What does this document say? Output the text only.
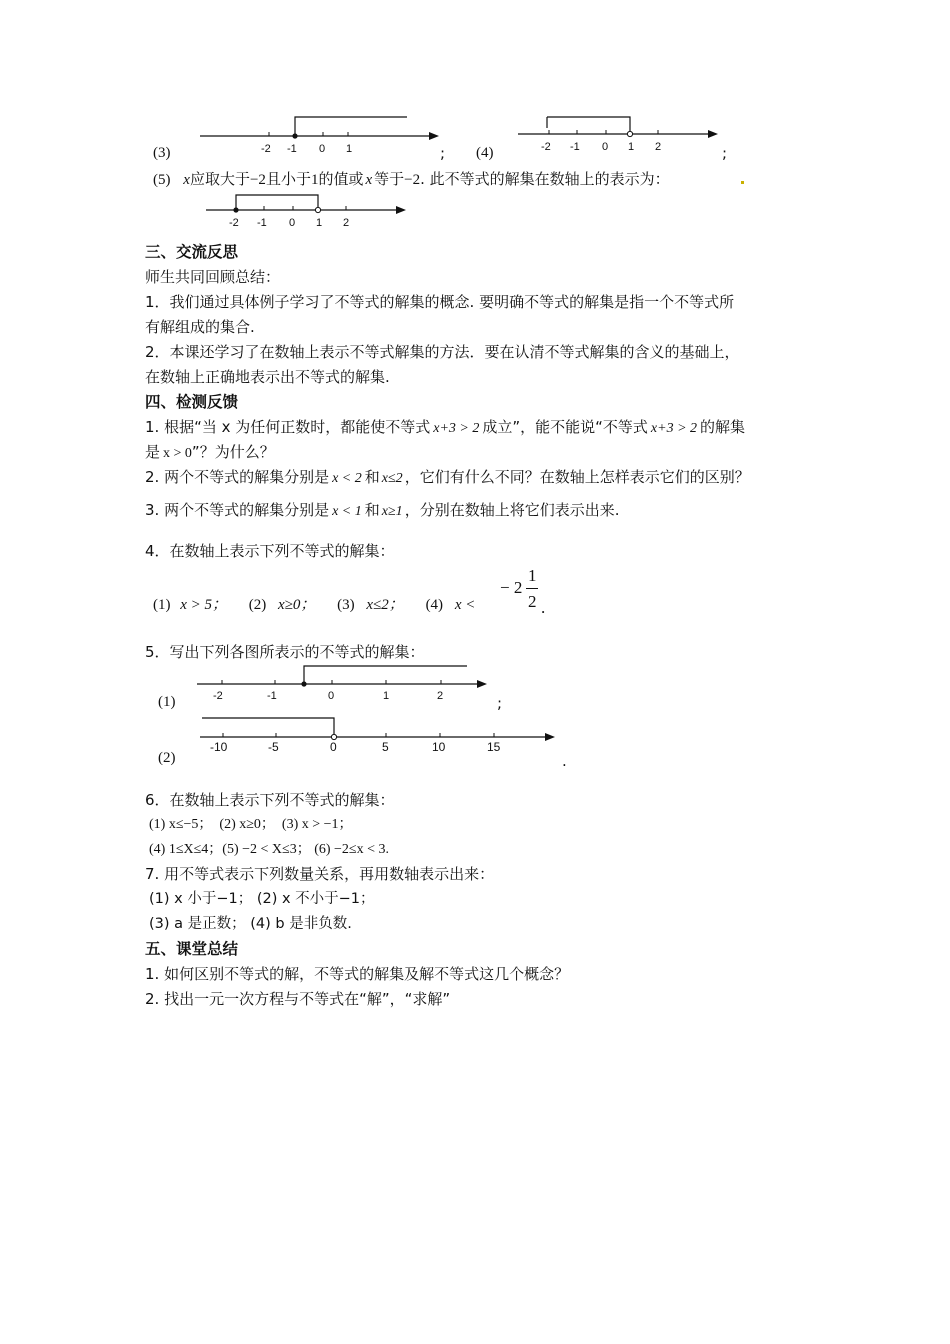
(3)	-2 -1 0 1	; (4)	-2 -1 0 1 2	;
(5) x应取大于−2且小于1的值或 x 等于−2. 此不等式的解集在数轴上的表示为：
-2 -1 0 1 2
三、交流反思
师生共同回顾总结：
1．我们通过具体例子学习了不等式的解集的概念. 要明确不等式的解集是指一个不等式所
有解组成的集合.
2．本课还学习了在数轴上表示不等式解集的方法．要在认清不等式解集的含义的基础上，
在数轴上正确地表示出不等式的解集.
四、检测反馈
1. 根据“当 x 为任何正数时，都能使不等式 x+3 > 2 成立”，能不能说“不等式 x+3 > 2 的解集
是 x > 0”？为什么？
2. 两个不等式的解集分别是 x < 2 和 x≤2 ，它们有什么不同？在数轴上怎样表示它们的区别？
3. 两个不等式的解集分别是 x < 1 和 x≥1 ，分别在数轴上将它们表示出来.
4．在数轴上表示下列不等式的解集：
(1) x > 5； (2) x≥0； (3) x≤2； (4) x <
− 2
1
2 .
5．写出下列各图所表示的不等式的解集：
(1)	-2	-1	0	1	2	;
(2)
-10	-5	0	5	10	15
.
6．在数轴上表示下列不等式的解集：
(1) x≤−5；　(2) x≥0；　(3) x > −1；
(4) 1≤X≤4；(5) −2 < X≤3； (6) −2≤x < 3.
7. 用不等式表示下列数量关系，再用数轴表示出来：
(1) x 小于−1； (2) x 不小于−1；
(3) a 是正数； (4) b 是非负数.
五、课堂总结
1. 如何区别不等式的解，不等式的解集及解不等式这几个概念？
2. 找出一元一次方程与不等式在“解”，“求解”
